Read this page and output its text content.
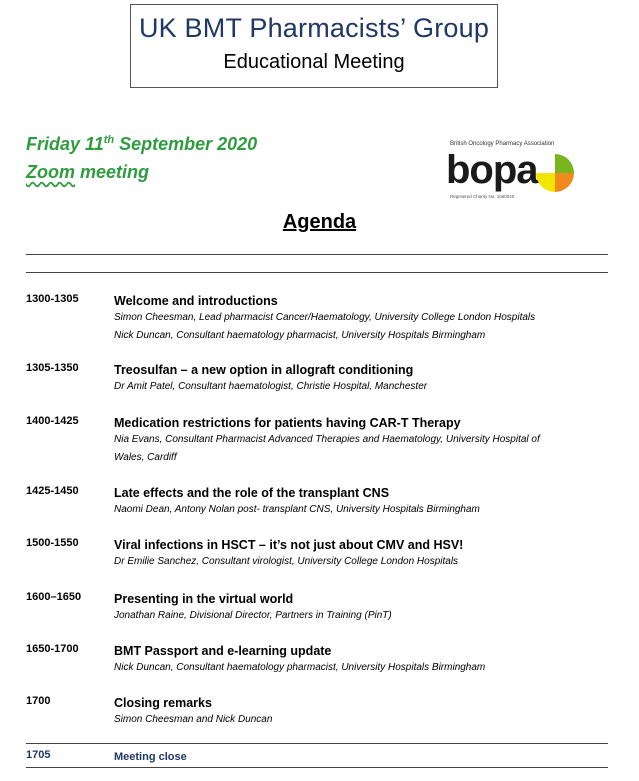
UK BMT Pharmacists’ Group
Educational Meeting
Friday 11th September 2020
Zoom meeting
British Oncology Pharmacy Association
bopa
Registered Charity No. 1060020
Agenda
1300-1305	Welcome and introductions
Simon Cheesman, Lead pharmacist Cancer/Haematology, University College London Hospitals
Nick Duncan, Consultant haematology pharmacist, University Hospitals Birmingham
1305-1350	Treosulfan – a new option in allograft conditioning
Dr Amit Patel, Consultant haematologist, Christie Hospital, Manchester
1400-1425	Medication restrictions for patients having CAR-T Therapy
Nia Evans, Consultant Pharmacist Advanced Therapies and Haematology, University Hospital of
Wales, Cardiff
1425-1450	Late effects and the role of the transplant CNS
Naomi Dean, Antony Nolan post- transplant CNS, University Hospitals Birmingham
1500-1550	Viral infections in HSCT – it’s not just about CMV and HSV!
Dr Emilie Sanchez, Consultant virologist, University College London Hospitals
1600–1650	Presenting in the virtual world
Jonathan Raine, Divisional Director, Partners in Training (PinT)
1650-1700	BMT Passport and e-learning update
Nick Duncan, Consultant haematology pharmacist, University Hospitals Birmingham
1700	Closing remarks
Simon Cheesman and Nick Duncan
1705	Meeting close
